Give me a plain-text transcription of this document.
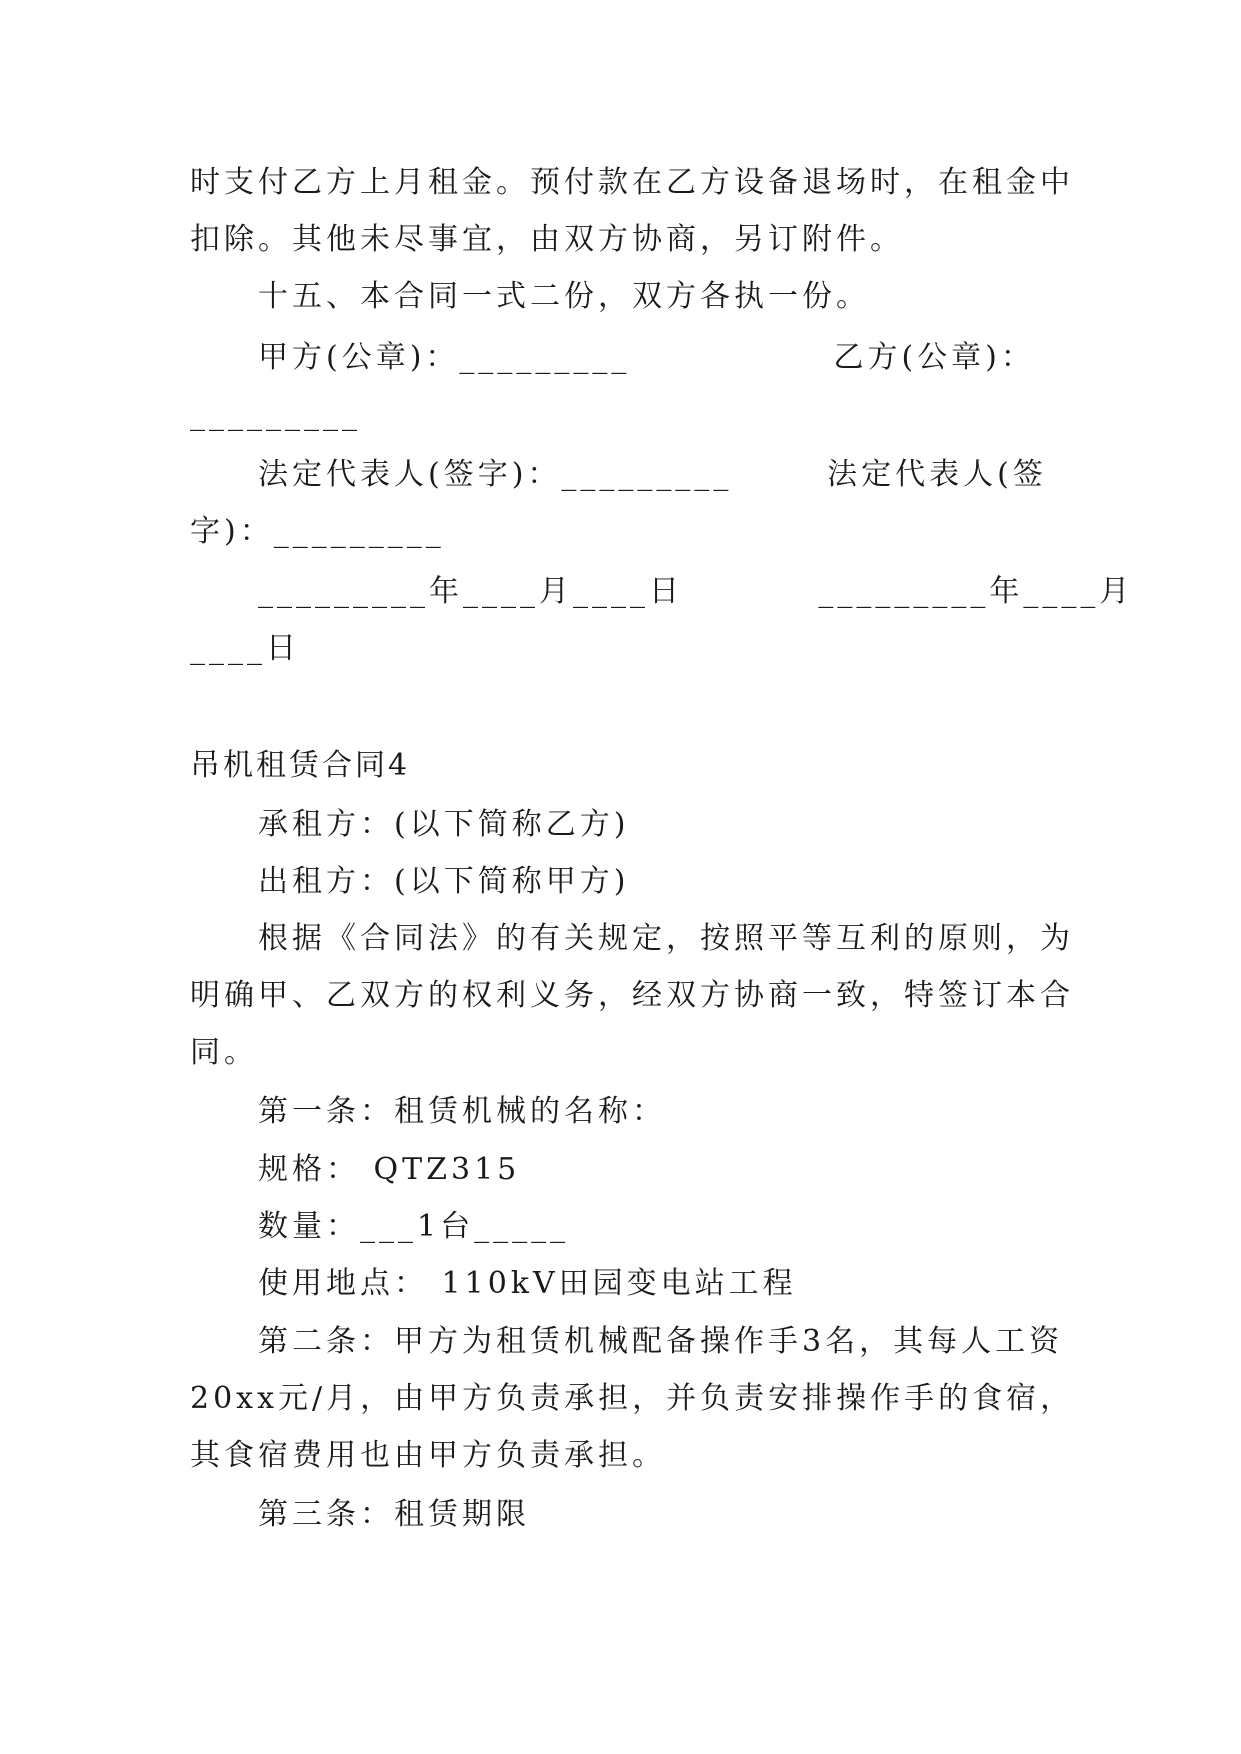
时支付乙方上月租金。预付款在乙方设备退场时，在租金中
扣除。其他未尽事宜，由双方协商，另订附件。
十五、本合同一式二份，双方各执一份。
甲方(公章)：_________               乙方(公章)：
_________
法定代表人(签字)：_________       法定代表人(签
字)：_________
_________年____月____日          _________年____月
____日
吊机租赁合同4
承租方：(以下简称乙方)
出租方：(以下简称甲方)
根据《合同法》的有关规定，按照平等互利的原则，为
明确甲、乙双方的权利义务，经双方协商一致，特签订本合
同。
第一条：租赁机械的名称：
规格： QTZ315
数量：___1台_____
使用地点： 110kV田园变电站工程
第二条：甲方为租赁机械配备操作手3名，其每人工资
20xx元/月，由甲方负责承担，并负责安排操作手的食宿，
其食宿费用也由甲方负责承担。
第三条：租赁期限
